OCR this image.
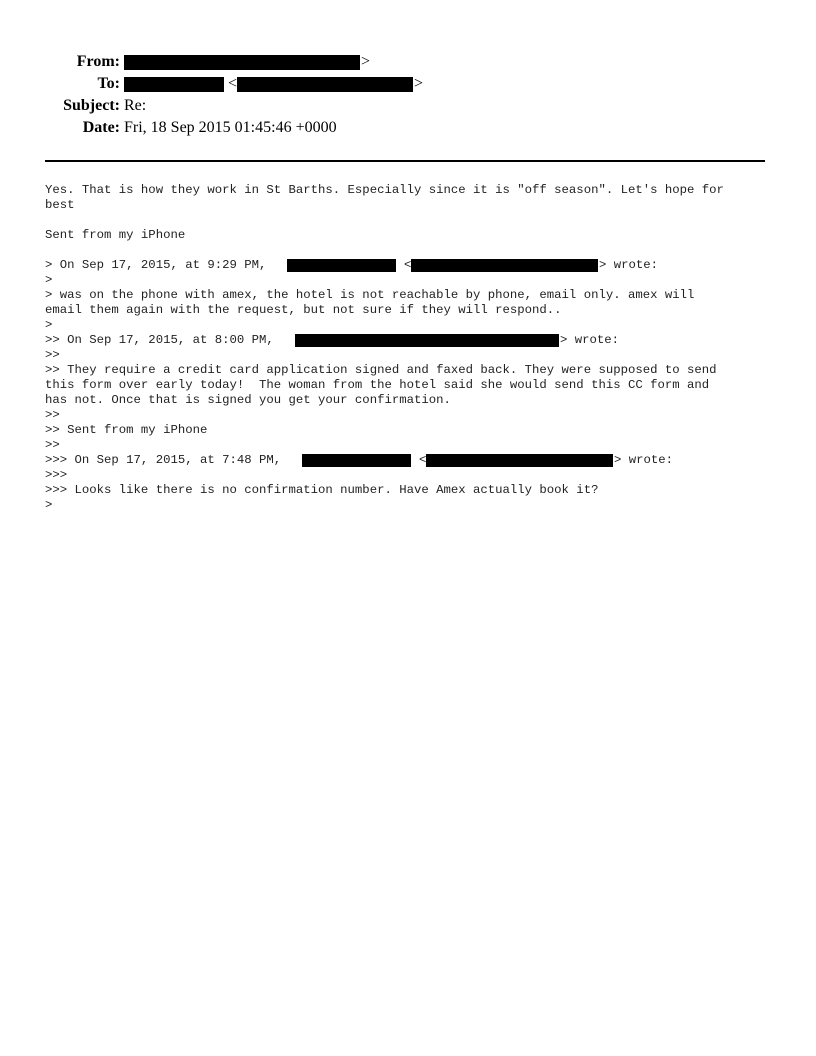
From:	>
To:	<	>
Subject: Re:
Date: Fri, 18 Sep 2015 01:45:46 +0000
Yes. That is how they work in St Barths. Especially since it is "off season". Let's hope for
best
Sent from my iPhone
> On Sep 17, 2015, at 9:29 PM,	<	> wrote:
>
> was on the phone with amex, the hotel is not reachable by phone, email only. amex will
email them again with the request, but not sure if they will respond..
>
>> On Sep 17, 2015, at 8:00 PM,	> wrote:
>>
>> They require a credit card application signed and faxed back. They were supposed to send
this form over early today!  The woman from the hotel said she would send this CC form and
has not. Once that is signed you get your confirmation.
>>
>> Sent from my iPhone
>>
>>> On Sep 17, 2015, at 7:48 PM,	<	> wrote:
>>>
>>> Looks like there is no confirmation number. Have Amex actually book it?
>
